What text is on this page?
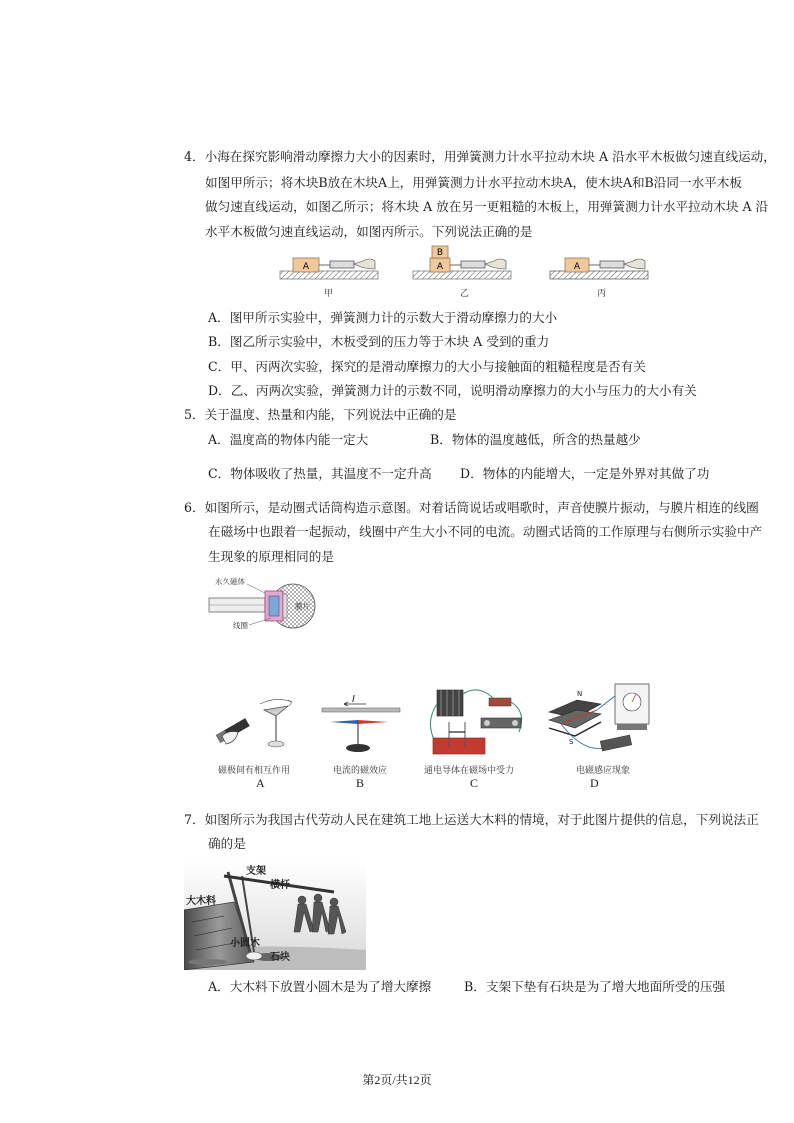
4．小海在探究影响滑动摩擦力大小的因素时，用弹簧测力计水平拉动木块 A 沿水平木板做匀速直线运动，
如图甲所示；将木块B放在木块A上，用弹簧测力计水平拉动木块A，使木块A和B沿同一水平木板
做匀速直线运动，如图乙所示；将木块 A 放在另一更粗糙的木板上，用弹簧测力计水平拉动木块 A 沿
水平木板做匀速直线运动，如图丙所示。下列说法正确的是
A	A
B
A
甲	乙	丙
A．图甲所示实验中，弹簧测力计的示数大于滑动摩擦力的大小
B．图乙所示实验中，木板受到的压力等于木块 A 受到的重力
C．甲、丙两次实验，探究的是滑动摩擦力的大小与接触面的粗糙程度是否有关
D．乙、丙两次实验，弹簧测力计的示数不同，说明滑动摩擦力的大小与压力的大小有关
5．关于温度、热量和内能，下列说法中正确的是
A．温度高的物体内能一定大	B．物体的温度越低，所含的热量越少
C．物体吸收了热量，其温度不一定升高 D．物体的内能增大，一定是外界对其做了功
6．如图所示，是动圈式话筒构造示意图。对着话筒说话或唱歌时，声音使膜片振动，与膜片相连的线圈
在磁场中也跟着一起振动，线圈中产生大小不同的电流。动圈式话筒的工作原理与右侧所示实验中产
生现象的原理相同的是
永久磁体
膜片
线圈
磁极间有相互作用
A
I
电流的磁效应
B
通电导体在磁场中受力
C
N
S
电磁感应现象
D
7．如图所示为我国古代劳动人民在建筑工地上运送大木料的情境，对于此图片提供的信息，下列说法正
确的是
支架
横杆
大木料
小圆木
石块
A．大木料下放置小圆木是为了增大摩擦	B．支架下垫有石块是为了增大地面所受的压强
第2页/共12页
